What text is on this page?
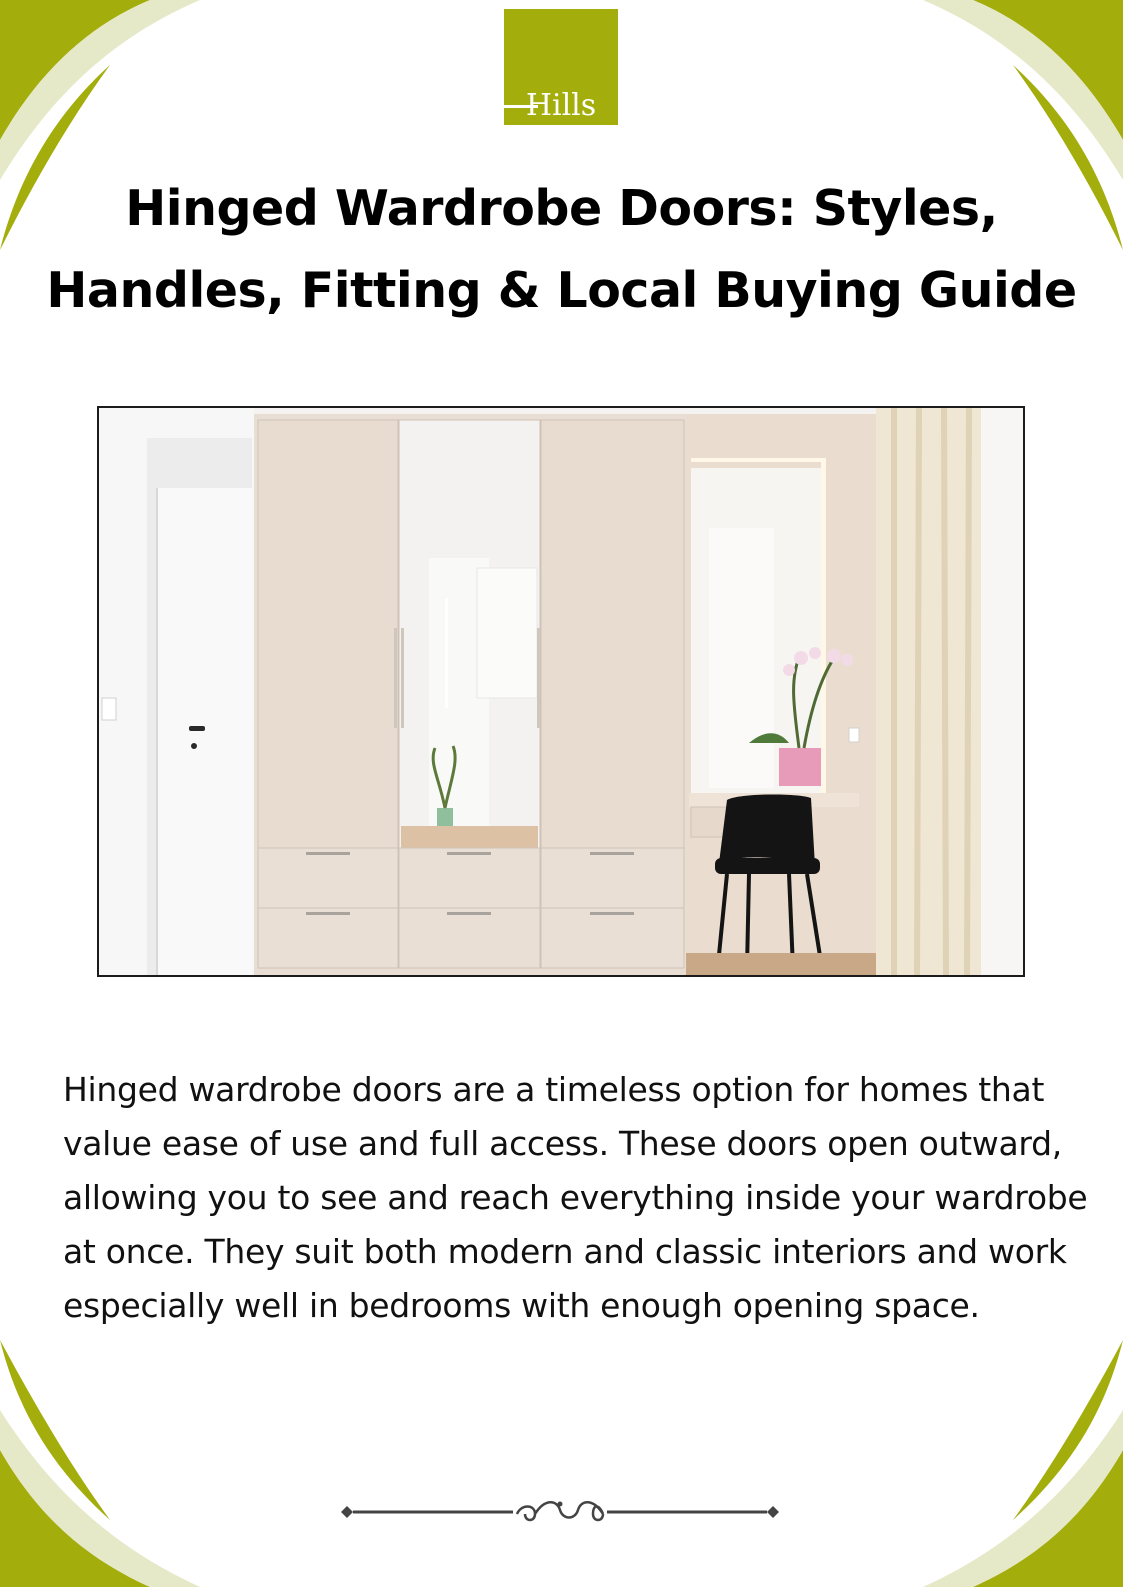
Hills
Hinged Wardrobe Doors: Styles,
Handles, Fitting & Local Buying Guide

Hinged wardrobe doors are a timeless option for homes that value ease of use and full access. These doors open outward, allowing you to see and reach everything inside your wardrobe at once. They suit both modern and classic interiors and work especially well in bedrooms with enough opening space.
